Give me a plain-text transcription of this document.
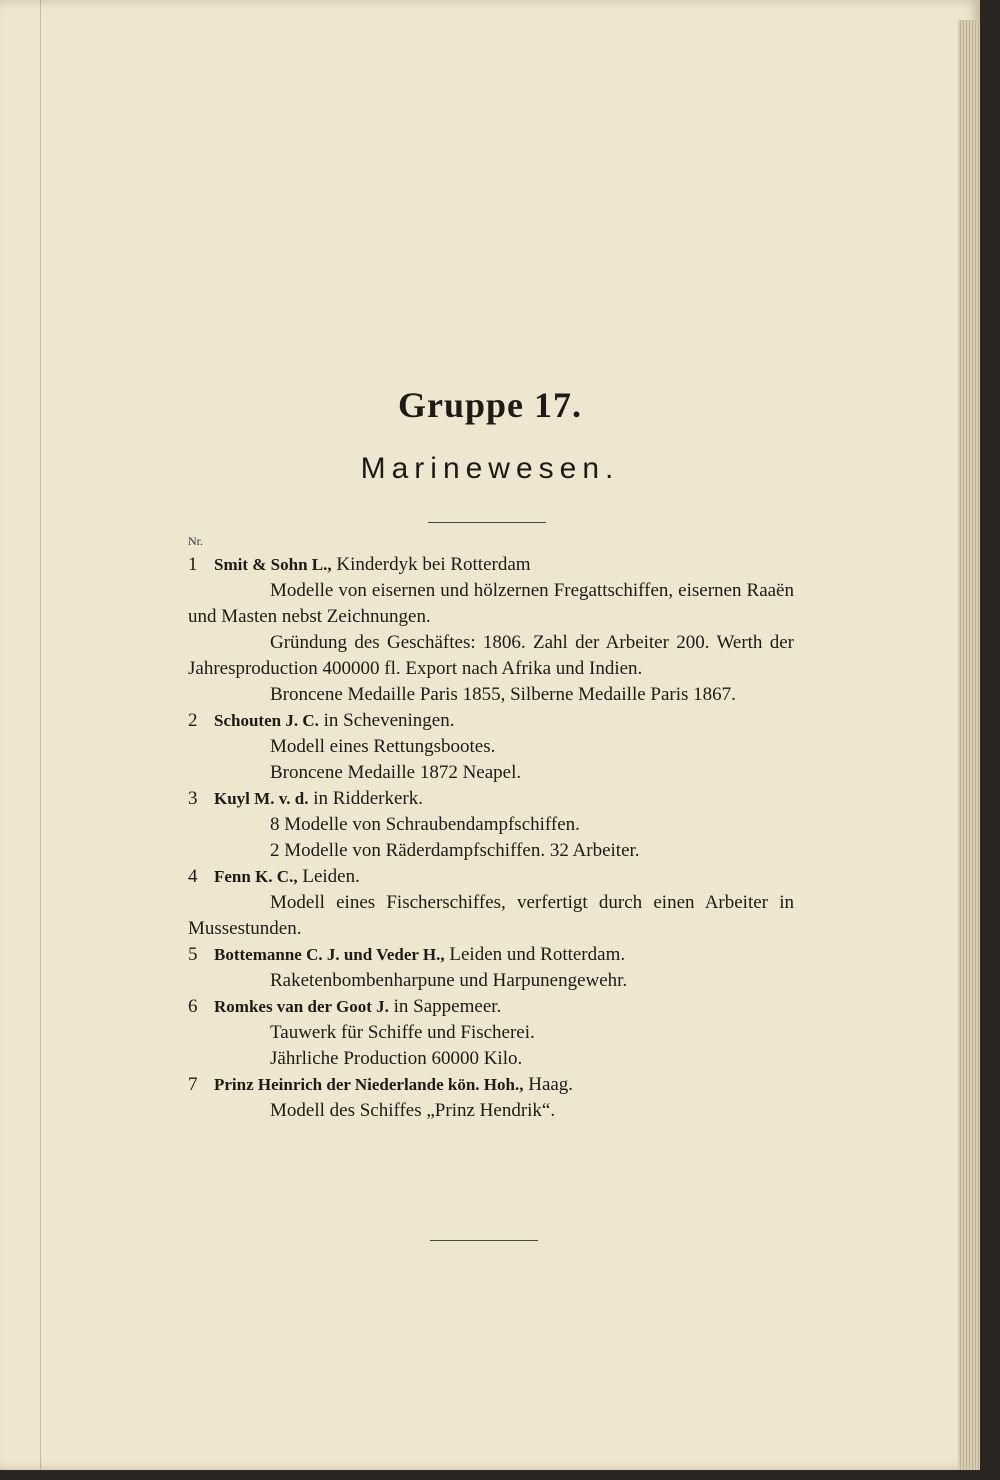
Gruppe 17.
Marinewesen.
Nr.
1 Smit & Sohn L., Kinderdyk bei Rotterdam
Modelle von eisernen und hölzernen Fregattschiffen, eisernen Raaën und Masten nebst Zeichnungen.
Gründung des Geschäftes: 1806. Zahl der Arbeiter 200. Werth der Jahresproduction 400000 fl. Export nach Afrika und Indien.
Broncene Medaille Paris 1855, Silberne Medaille Paris 1867.
2 Schouten J. C. in Scheveningen.
Modell eines Rettungsbootes.
Broncene Medaille 1872 Neapel.
3 Kuyl M. v. d. in Ridderkerk.
8 Modelle von Schraubendampfschiffen.
2 Modelle von Räderdampfschiffen. 32 Arbeiter.
4 Fenn K. C., Leiden.
Modell eines Fischerschiffes, verfertigt durch einen Arbeiter in Mussestunden.
5 Bottemanne C. J. und Veder H., Leiden und Rotterdam.
Raketenbombenharpune und Harpunengewehr.
6 Romkes van der Goot J. in Sappemeer.
Tauwerk für Schiffe und Fischerei.
Jährliche Production 60000 Kilo.
7 Prinz Heinrich der Niederlande kön. Hoh., Haag.
Modell des Schiffes „Prinz Hendrik“.
